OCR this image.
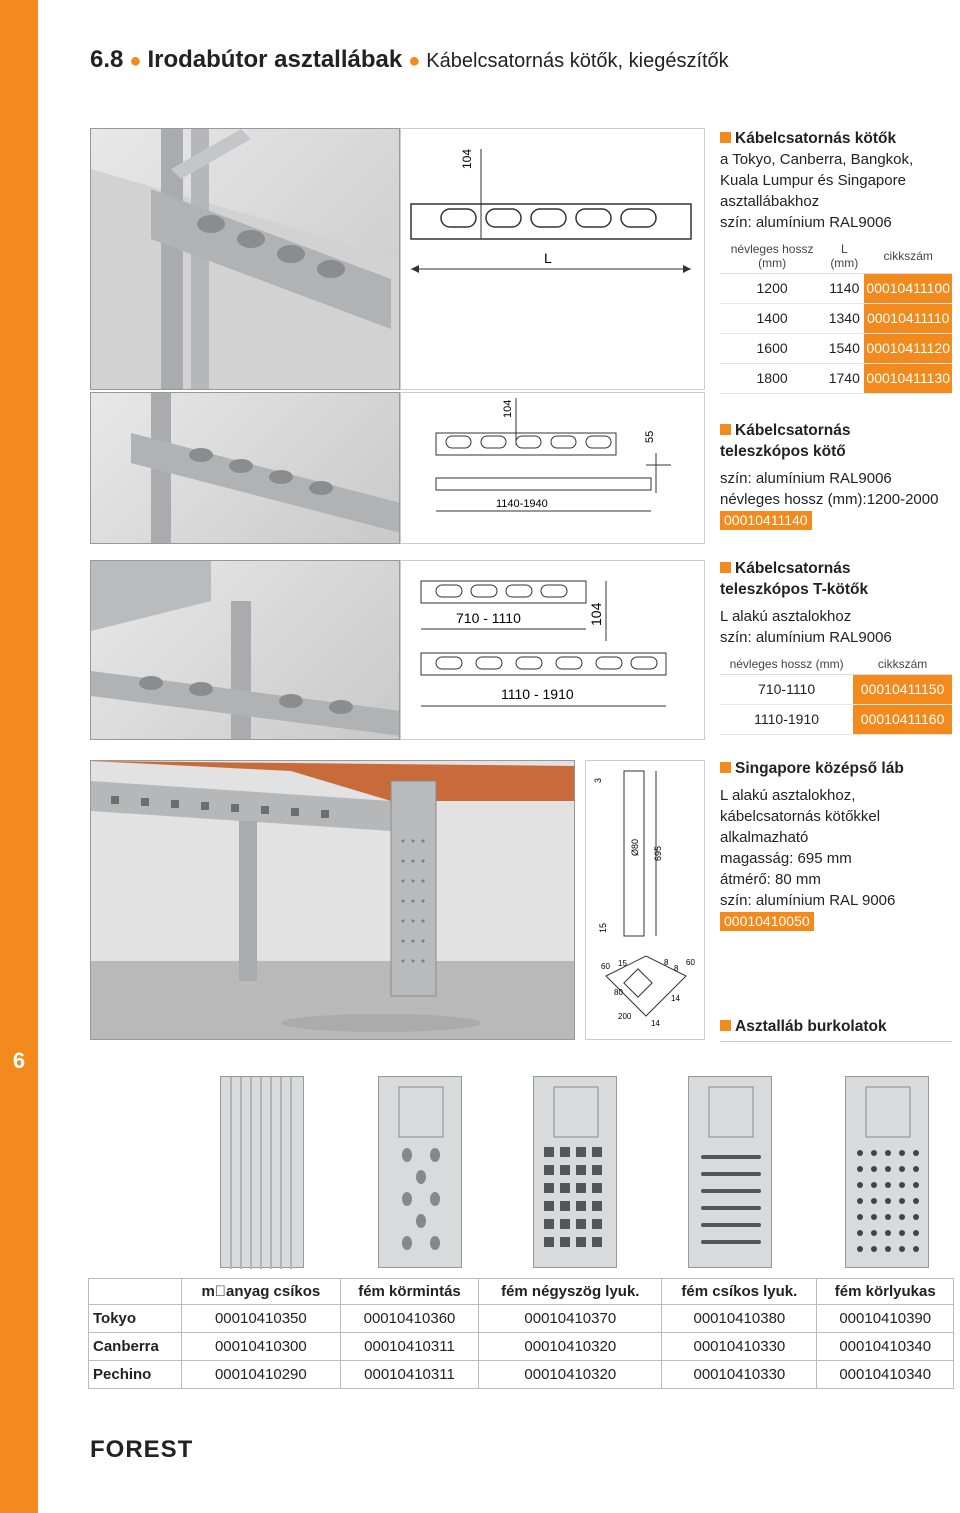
6
6.8 ● Irodabútor asztallábak ● Kábelcsatornás kötők, kiegészítők
104
L
Kábelcsatornás kötők
a Tokyo, Canberra, Bangkok,
Kuala Lumpur és Singapore
asztallábakhoz
szín: alumínium RAL9006
névleges hossz (mm)	L (mm)	cikkszám
1200	1140	00010411100
1400	1340	00010411110
1600	1540	00010411120
1800	1740	00010411130
104
55
1140-1940
Kábelcsatornás
teleszkópos kötő
szín: alumínium RAL9006
névleges hossz (mm):1200-2000
00010411140
710 - 1110	104
1110 - 1910
Kábelcsatornás
teleszkópos T-kötők
L alakú asztalokhoz
szín: alumínium RAL9006
névleges hossz (mm)	cikkszám
710-1110	00010411150
1110-1910	00010411160
3
695
Ø80
15
60 15	8
8
60
80
200
14
14
Singapore középső láb
L alakú asztalokhoz,
kábelcsatornás kötőkkel
alkalmazható
magasság: 695 mm
átmérő: 80 mm
szín: alumínium RAL 9006
00010410050
Asztalláb burkolatok
	m anyag csíkos	fém körmintás	fém négyszög lyuk.	fém csíkos lyuk.	fém körlyukas
Tokyo	00010410350	00010410360	00010410370	00010410380	00010410390
Canberra	00010410300	00010410311	00010410320	00010410330	00010410340
Pechino	00010410290	00010410311	00010410320	00010410330	00010410340
FOREST
